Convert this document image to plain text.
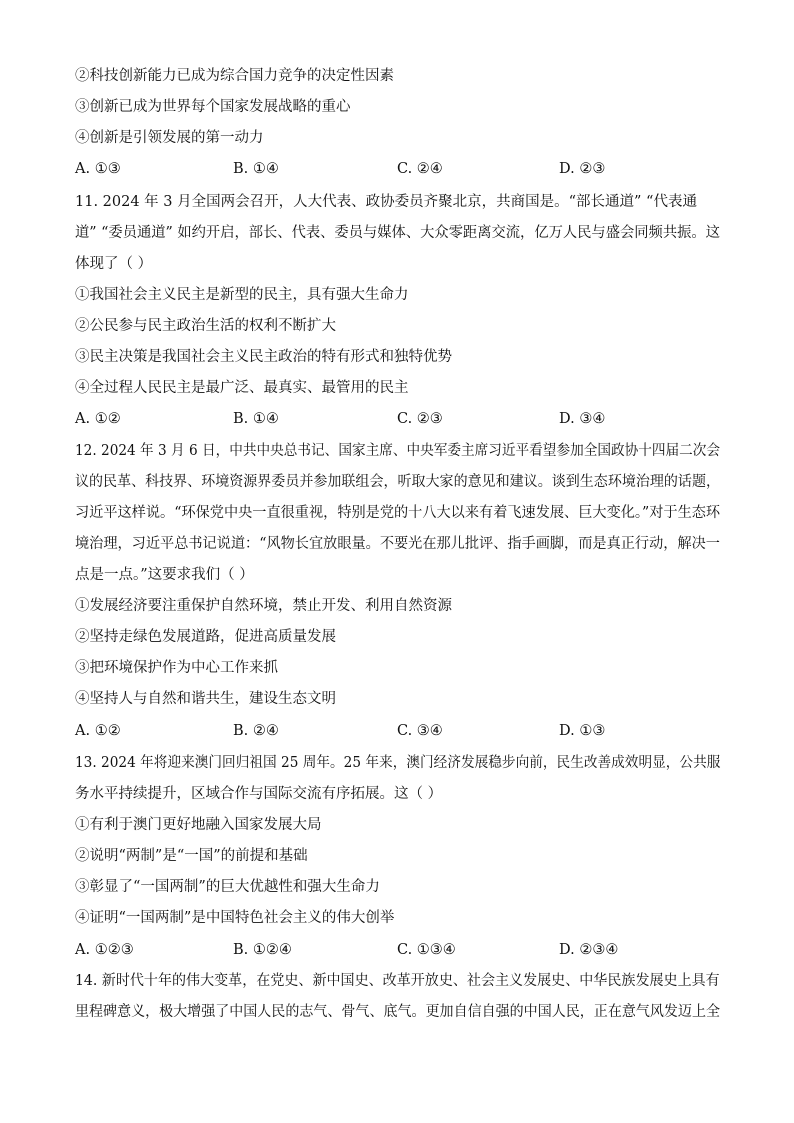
②科技创新能力已成为综合国力竞争的决定性因素
③创新已成为世界每个国家发展战略的重心
④创新是引领发展的第一动力
A. ①③	B. ①④	C. ②④	D. ②③
11. 2024 年 3 月全国两会召开，人大代表、政协委员齐聚北京，共商国是。“部长通道” “代表通
道” “委员通道” 如约开启，部长、代表、委员与媒体、大众零距离交流，亿万人民与盛会同频共振。这
体现了（ ）
①我国社会主义民主是新型的民主，具有强大生命力
②公民参与民主政治生活的权利不断扩大
③民主决策是我国社会主义民主政治的特有形式和独特优势
④全过程人民民主是最广泛、最真实、最管用的民主
A. ①②	B. ①④	C. ②③	D. ③④
12. 2024 年 3 月 6 日，中共中央总书记、国家主席、中央军委主席习近平看望参加全国政协十四届二次会
议的民革、科技界、环境资源界委员并参加联组会，听取大家的意见和建议。谈到生态环境治理的话题，
习近平这样说。“环保党中央一直很重视，特别是党的十八大以来有着飞速发展、巨大变化。”对于生态环
境治理，习近平总书记说道：“风物长宜放眼量。不要光在那儿批评、指手画脚，而是真正行动，解决一
点是一点。”这要求我们（ ）
①发展经济要注重保护自然环境，禁止开发、利用自然资源
②坚持走绿色发展道路，促进高质量发展
③把环境保护作为中心工作来抓
④坚持人与自然和谐共生，建设生态文明
A. ①②	B. ②④	C. ③④	D. ①③
13. 2024 年将迎来澳门回归祖国 25 周年。25 年来，澳门经济发展稳步向前，民生改善成效明显，公共服
务水平持续提升，区域合作与国际交流有序拓展。这（ ）
①有利于澳门更好地融入国家发展大局
②说明“两制”是“一国”的前提和基础
③彰显了“一国两制”的巨大优越性和强大生命力
④证明“一国两制”是中国特色社会主义的伟大创举
A. ①②③	B. ①②④	C. ①③④	D. ②③④
14. 新时代十年的伟大变革，在党史、新中国史、改革开放史、社会主义发展史、中华民族发展史上具有
里程碑意义，极大增强了中国人民的志气、骨气、底气。更加自信自强的中国人民，正在意气风发迈上全
